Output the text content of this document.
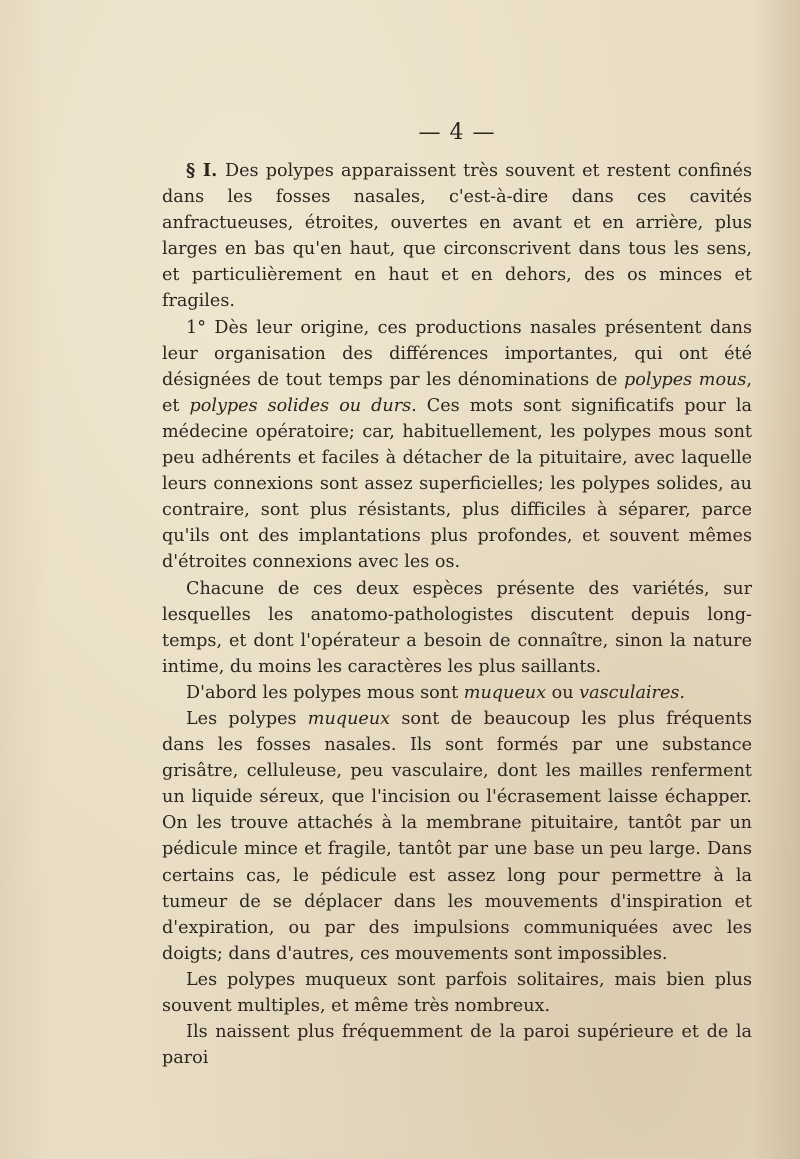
— 4 —

§ I. Des polypes apparaissent très souvent et restent confinés dans les fosses nasales, c'est-à-dire dans ces cavités anfractueuses, étroites, ouvertes en avant et en arrière, plus larges en bas qu'en haut, que circonscrivent dans tous les sens, et particulièrement en haut et en dehors, des os minces et fragiles.

1° Dès leur origine, ces productions nasales présentent dans leur organisation des différences importantes, qui ont été désignées de tout temps par les dénominations de polypes mous, et polypes solides ou durs. Ces mots sont significatifs pour la médecine opératoire; car, habituellement, les polypes mous sont peu adhérents et faciles à détacher de la pituitaire, avec laquelle leurs connexions sont assez superficielles; les polypes solides, au contraire, sont plus résistants, plus difficiles à séparer, parce qu'ils ont des implantations plus profondes, et souvent mêmes d'étroites connexions avec les os.

Chacune de ces deux espèces présente des variétés, sur lesquelles les anatomo-pathologistes discutent depuis long-temps, et dont l'opérateur a besoin de connaître, sinon la nature intime, du moins les caractères les plus saillants.

D'abord les polypes mous sont muqueux ou vasculaires.

Les polypes muqueux sont de beaucoup les plus fréquents dans les fosses nasales. Ils sont formés par une substance grisâtre, celluleuse, peu vasculaire, dont les mailles renferment un liquide séreux, que l'incision ou l'écrasement laisse échapper. On les trouve attachés à la membrane pituitaire, tantôt par un pédicule mince et fragile, tantôt par une base un peu large. Dans certains cas, le pédicule est assez long pour permettre à la tumeur de se déplacer dans les mouvements d'inspiration et d'expiration, ou par des impulsions communiquées avec les doigts; dans d'autres, ces mouvements sont impossibles.

Les polypes muqueux sont parfois solitaires, mais bien plus souvent multiples, et même très nombreux.

Ils naissent plus fréquemment de la paroi supérieure et de la paroi
